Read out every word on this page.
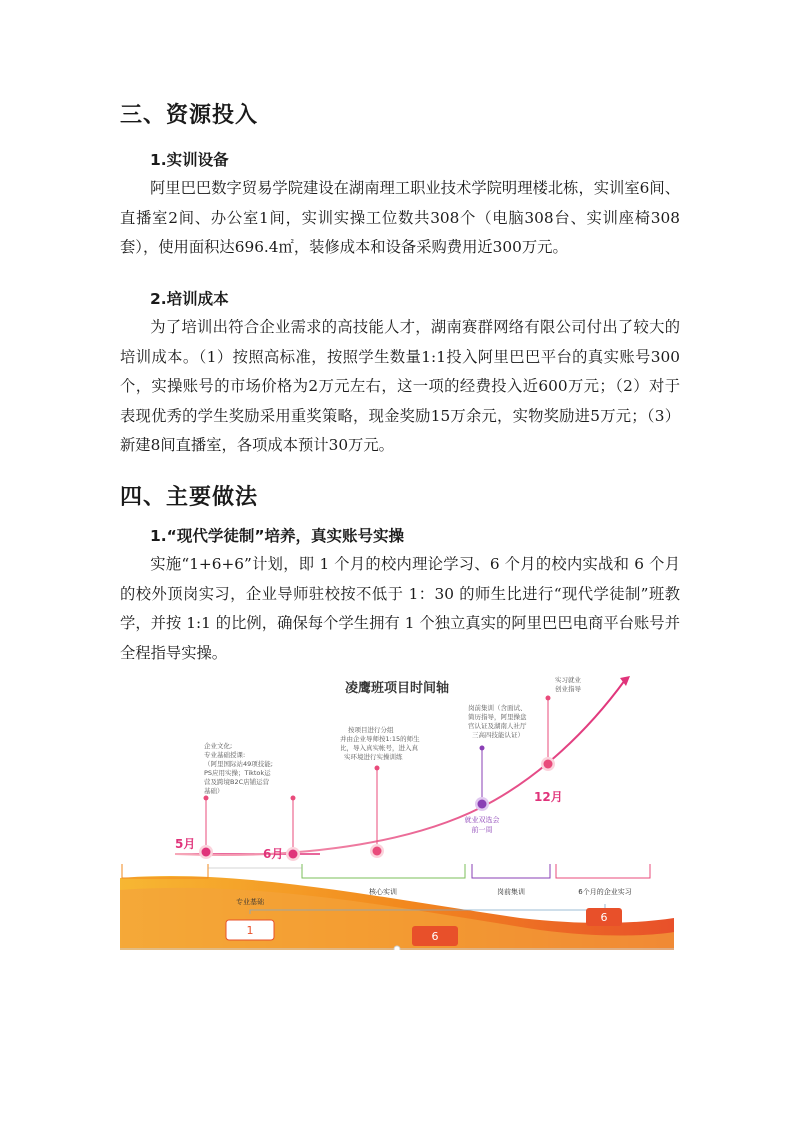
三、资源投入
1.实训设备
阿里巴巴数字贸易学院建设在湖南理工职业技术学院明理楼北栋，实训室6间、直播室2间、办公室1间，实训实操工位数共308个（电脑308台、实训座椅308套），使用面积达696.4㎡，装修成本和设备采购费用近300万元。
2.培训成本
为了培训出符合企业需求的高技能人才，湖南赛群网络有限公司付出了较大的培训成本。（1）按照高标准，按照学生数量1:1投入阿里巴巴平台的真实账号300个，实操账号的市场价格为2万元左右，这一项的经费投入近600万元；（2）对于表现优秀的学生奖励采用重奖策略，现金奖励15万余元，实物奖励进5万元；（3）新建8间直播室，各项成本预计30万元。
四、主要做法
1.“现代学徒制”培养，真实账号实操
实施“1+6+6”计划，即 1 个月的校内理论学习、6 个月的校内实战和 6 个月的校外顶岗实习，企业导师驻校按不低于 1：30 的师生比进行“现代学徒制”班教学，并按 1:1 的比例，确保每个学生拥有 1 个独立真实的阿里巴巴电商平台账号并全程指导实操。
凌鹰班项目时间轴
5月
6月
12月
企业文化;
专业基础授课:
（阿里国际站49项技能;
PS应用实操；Tiktok运
营及跨境B2C店铺运营
基础）
按项目进行分组
并由企业导师按1:15的师生
比，导入真实帐号，进入真
实环境进行实操训练
岗前集训（含面试、
简历指导，阿里操盘
官认证及湖南人社厅
三高四技能认证）
实习就业
创业指导
就业双选会
前一周
专业基础
核心实训	岗前集训	6个月的企业实习
1	6
6
